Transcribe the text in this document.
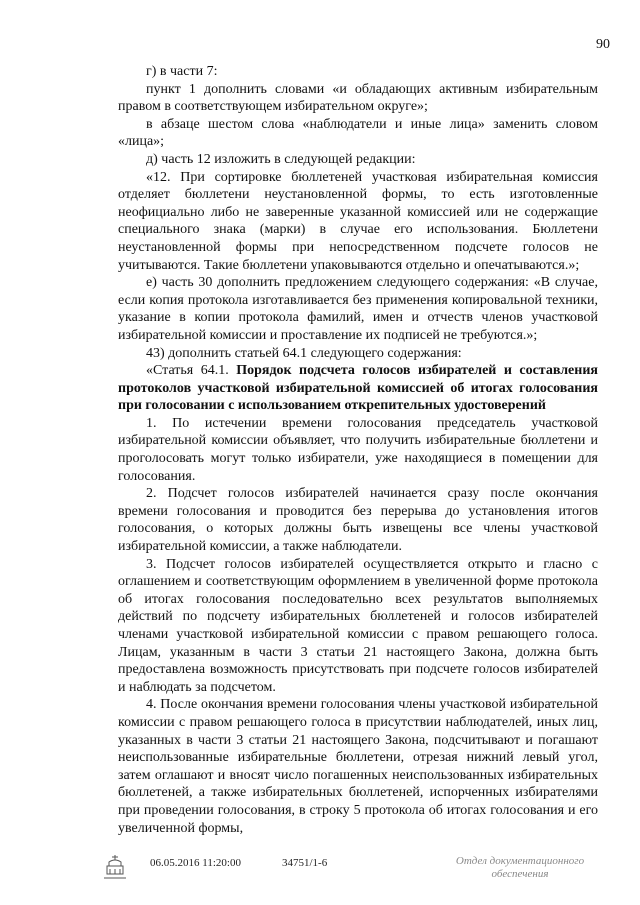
90

г) в части 7:

пункт 1 дополнить словами «и обладающих активным избирательным правом в соответствующем избирательном округе»;

в абзаце шестом слова «наблюдатели и иные лица» заменить словом «лица»;

д) часть 12 изложить в следующей редакции:

«12. При сортировке бюллетеней участковая избирательная комиссия отделяет бюллетени неустановленной формы, то есть изготовленные неофициально либо не заверенные указанной комиссией или не содержащие специального знака (марки) в случае его использования. Бюллетени неустановленной формы при непосредственном подсчете голосов не учитываются. Такие бюллетени упаковываются отдельно и опечатываются.»;

е) часть 30 дополнить предложением следующего содержания: «В случае, если копия протокола изготавливается без применения копировальной техники, указание в копии протокола фамилий, имен и отчеств членов участковой избирательной комиссии и проставление их подписей не требуются.»;

43) дополнить статьей 64.1 следующего содержания:

«Статья 64.1. Порядок подсчета голосов избирателей и составления протоколов участковой избирательной комиссией об итогах голосования при голосовании с использованием открепительных удостоверений

1. По истечении времени голосования председатель участковой избирательной комиссии объявляет, что получить избирательные бюллетени и проголосовать могут только избиратели, уже находящиеся в помещении для голосования.

2. Подсчет голосов избирателей начинается сразу после окончания времени голосования и проводится без перерыва до установления итогов голосования, о которых должны быть извещены все члены участковой избирательной комиссии, а также наблюдатели.

3. Подсчет голосов избирателей осуществляется открыто и гласно с оглашением и соответствующим оформлением в увеличенной форме протокола об итогах голосования последовательно всех результатов выполняемых действий по подсчету избирательных бюллетеней и голосов избирателей членами участковой избирательной комиссии с правом решающего голоса. Лицам, указанным в части 3 статьи 21 настоящего Закона, должна быть предоставлена возможность присутствовать при подсчете голосов избирателей и наблюдать за подсчетом.

4. После окончания времени голосования члены участковой избирательной комиссии с правом решающего голоса в присутствии наблюдателей, иных лиц, указанных в части 3 статьи 21 настоящего Закона, подсчитывают и погашают неиспользованные избирательные бюллетени, отрезая нижний левый угол, затем оглашают и вносят число погашенных неиспользованных избирательных бюллетеней, а также избирательных бюллетеней, испорченных избирателями при проведении голосования, в строку 5 протокола об итогах голосования и его увеличенной формы,

06.05.2016 11:20:00	34751/1-6	Отдел документационного
обеспечения
